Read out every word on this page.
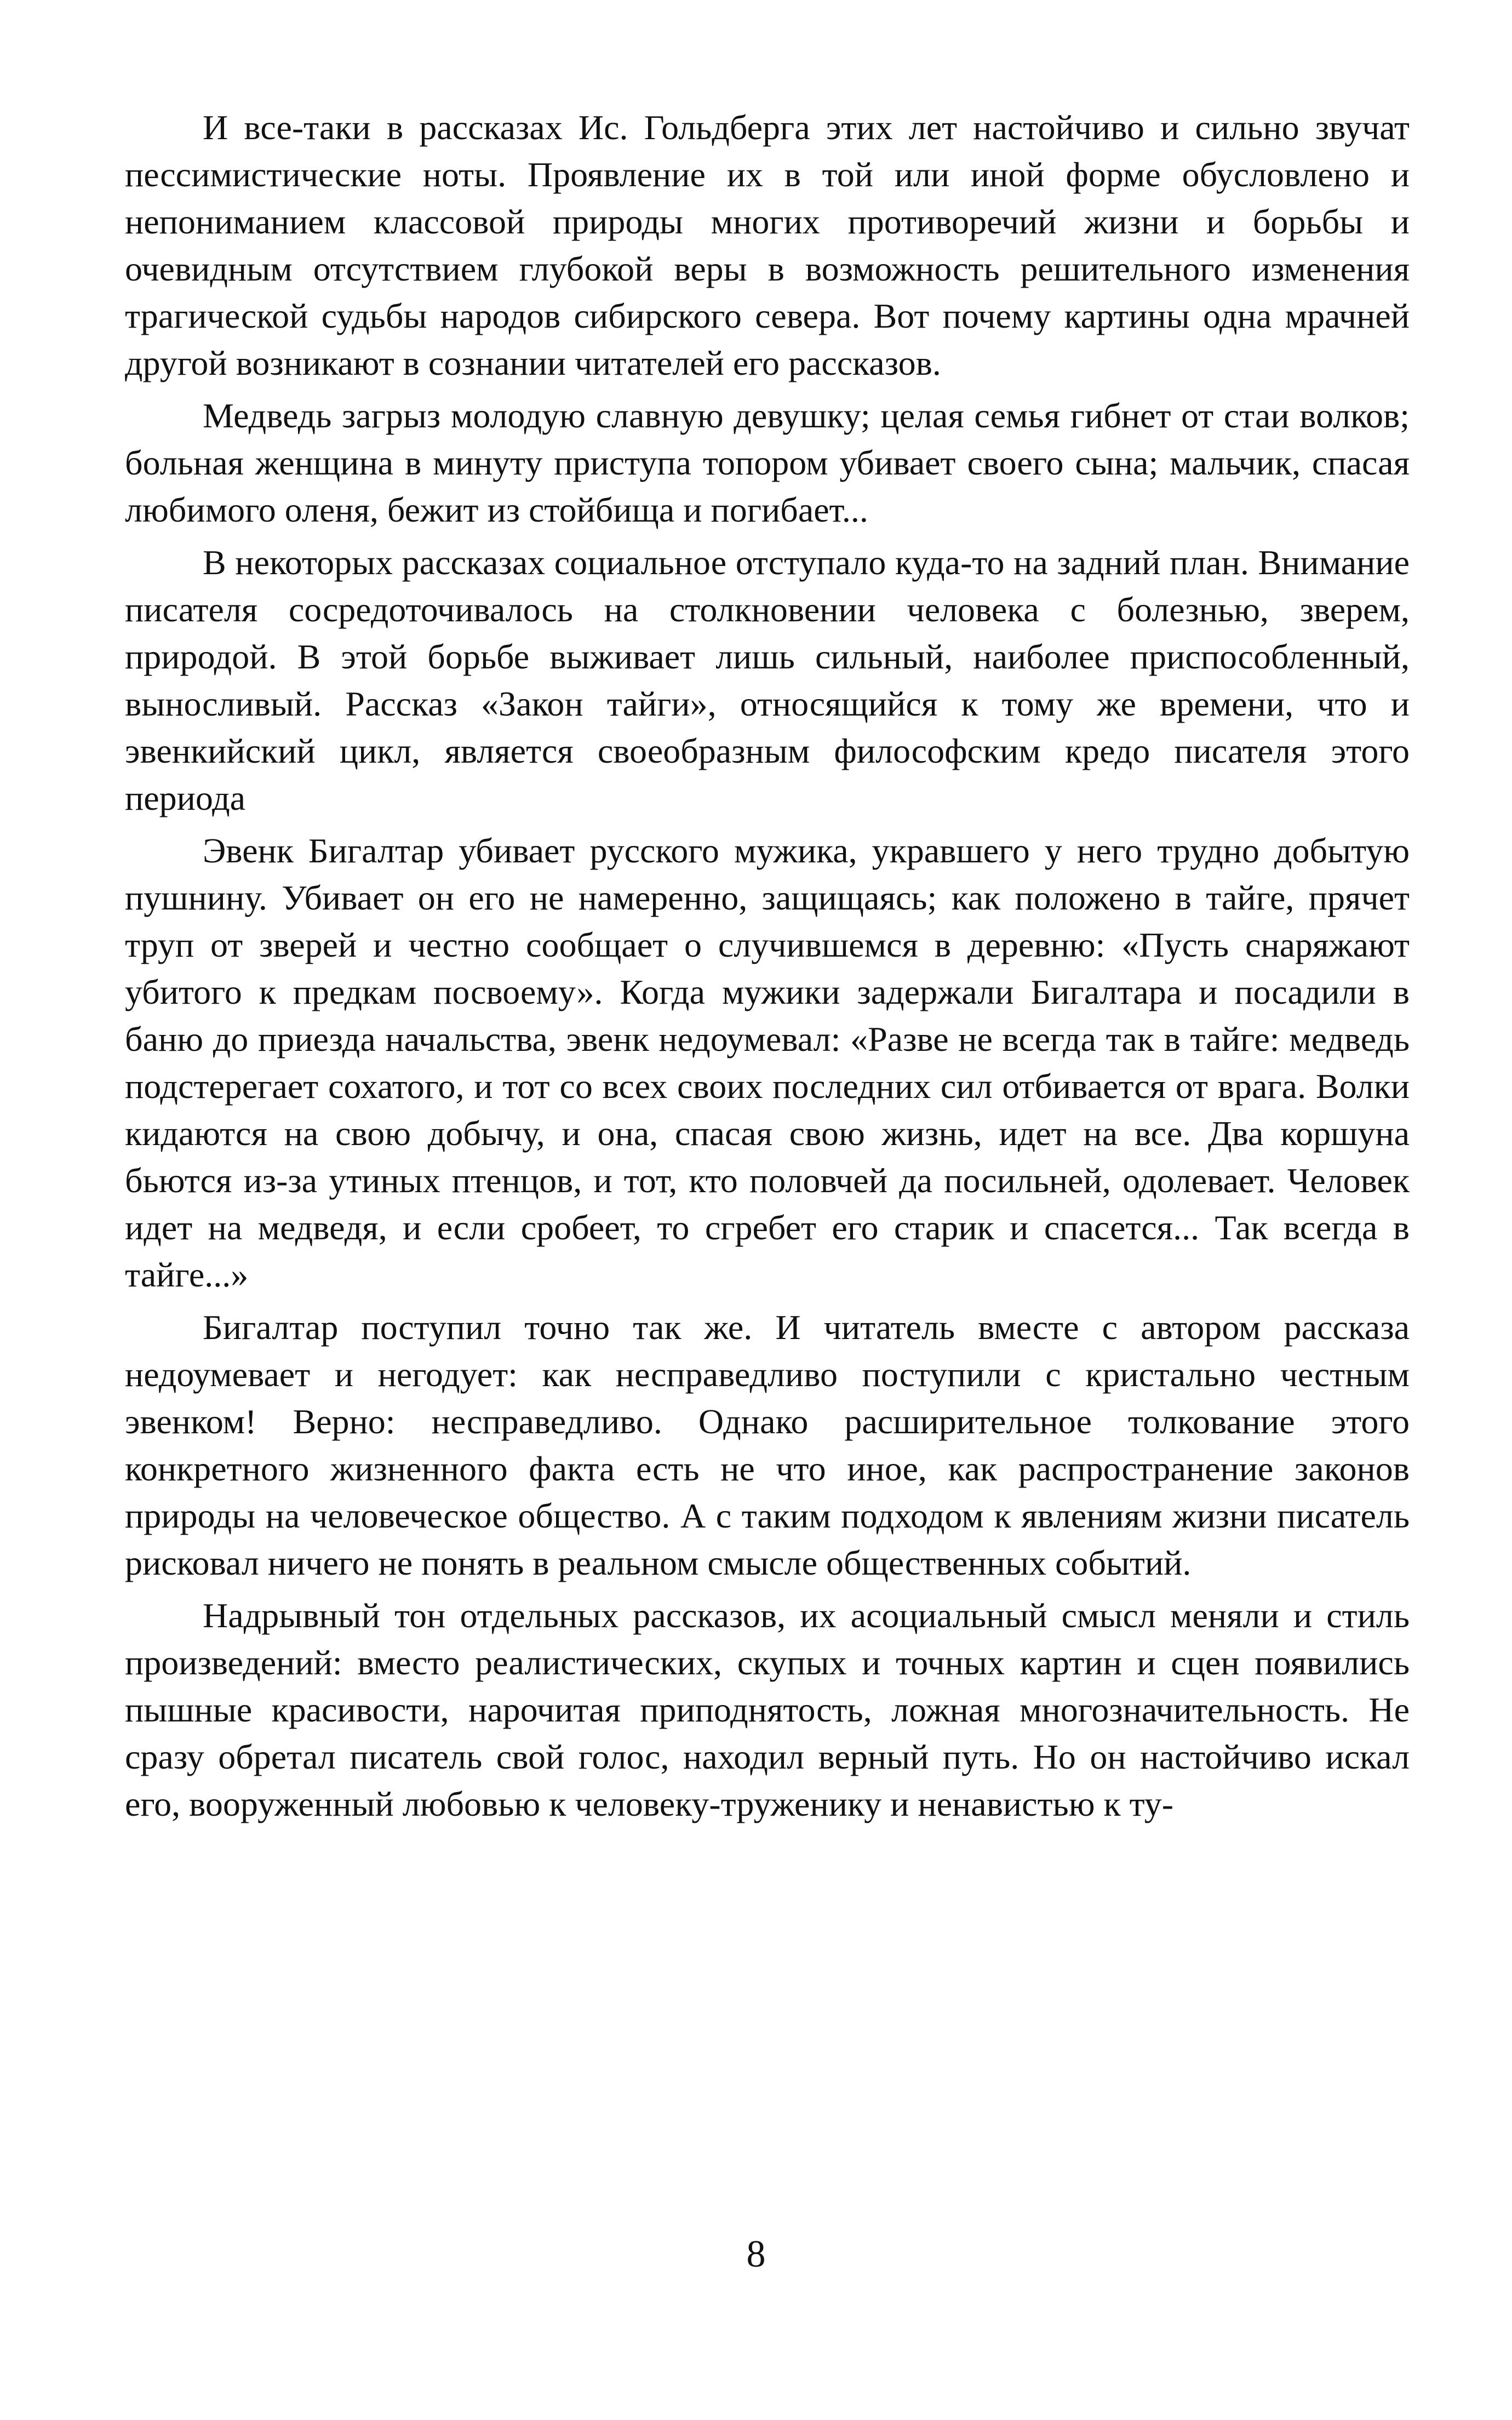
И все-таки в рассказах Ис. Гольдберга этих лет настойчиво и сильно звучат пессимистические ноты. Проявление их в той или иной форме обусловлено и непониманием классовой природы многих противоречий жизни и борьбы и очевидным отсутствием глубокой веры в возможность решительного изменения трагической судьбы народов сибирского севера. Вот почему картины одна мрачней другой возникают в сознании читателей его рассказов.

Медведь загрыз молодую славную девушку; целая семья гибнет от стаи волков; больная женщина в минуту приступа топором убивает своего сына; мальчик, спасая любимого оленя, бежит из стойбища и погибает...

В некоторых рассказах социальное отступало куда-то на задний план. Внимание писателя сосредоточивалось на столкновении человека с болезнью, зверем, природой. В этой борьбе выживает лишь сильный, наиболее приспособленный, выносливый. Рассказ «Закон тайги», относящийся к тому же времени, что и эвенкийский цикл, является своеобразным философским кредо писателя этого периода

Эвенк Бигалтар убивает русского мужика, укравшего у него трудно добытую пушнину. Убивает он его не намеренно, защищаясь; как положено в тайге, прячет труп от зверей и честно сообщает о случившемся в деревню: «Пусть снаряжают убитого к предкам посвоему». Когда мужики задержали Бигалтара и посадили в баню до приезда начальства, эвенк недоумевал: «Разве не всегда так в тайге: медведь подстерегает сохатого, и тот со всех своих последних сил отбивается от врага. Волки кидаются на свою добычу, и она, спасая свою жизнь, идет на все. Два коршуна бьются из-за утиных птенцов, и тот, кто половчей да посильней, одолевает. Человек идет на медведя, и если сробеет, то сгребет его старик и спасется... Так всегда в тайге...»

Бигалтар поступил точно так же. И читатель вместе с автором рассказа недоумевает и негодует: как несправедливо поступили с кристально честным эвенком! Верно: несправедливо. Однако расширительное толкование этого конкретного жизненного факта есть не что иное, как распространение законов природы на человеческое общество. А с таким подходом к явлениям жизни писатель рисковал ничего не понять в реальном смысле общественных событий.

Надрывный тон отдельных рассказов, их асоциальный смысл меняли и стиль произведений: вместо реалистических, скупых и точных картин и сцен появились пышные красивости, нарочитая приподнятость, ложная многозначительность. Не сразу обретал писатель свой голос, находил верный путь. Но он настойчиво искал его, вооруженный любовью к человеку-труженику и ненавистью к ту-

8
